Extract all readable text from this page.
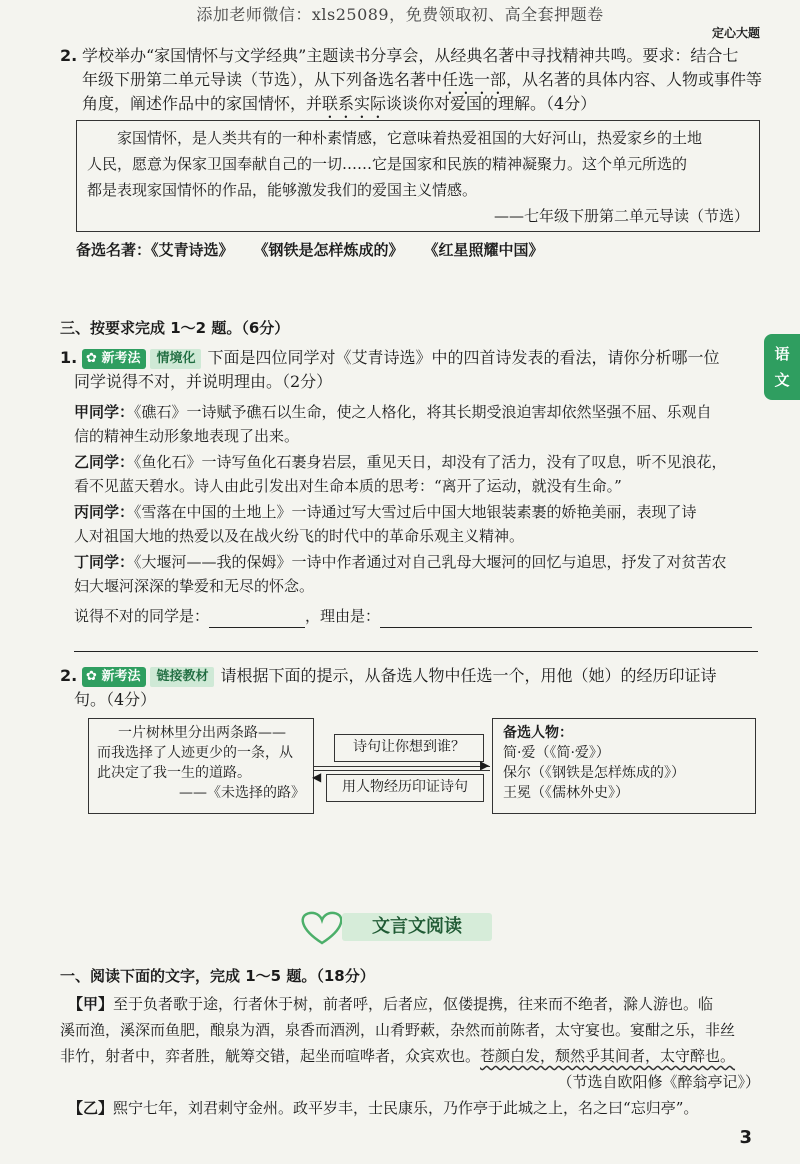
添加老师微信：xls25089，免费领取初、高全套押题卷
定心大题
2. 学校举办“家国情怀与文学经典”主题读书分享会，从经典名著中寻找精神共鸣。要求：结合七
年级下册第二单元导读（节选），从下列备选名著中任选一部，从名著的具体内容、人物或事件等
角度，阐述作品中的家国情怀，并联系实际谈谈你对爱国的理解。（4分）
家国情怀，是人类共有的一种朴素情感，它意味着热爱祖国的大好河山，热爱家乡的土地
人民，愿意为保家卫国奉献自己的一切……它是国家和民族的精神凝聚力。这个单元所选的
都是表现家国情怀的作品，能够激发我们的爱国主义情感。
——七年级下册第二单元导读（节选）
备选名著：《艾青诗选》 《钢铁是怎样炼成的》 《红星照耀中国》
语
文
三、按要求完成 1～2 题。（6分）
1. ✿ 新考法 情境化 下面是四位同学对《艾青诗选》中的四首诗发表的看法，请你分析哪一位
同学说得不对，并说明理由。（2分）
甲同学：《礁石》一诗赋予礁石以生命，使之人格化，将其长期受浪迫害却依然坚强不屈、乐观自
信的精神生动形象地表现了出来。
乙同学：《鱼化石》一诗写鱼化石裹身岩层，重见天日，却没有了活力，没有了叹息，听不见浪花，
看不见蓝天碧水。诗人由此引发出对生命本质的思考：“离开了运动，就没有生命。”
丙同学：《雪落在中国的土地上》一诗通过写大雪过后中国大地银装素裹的娇艳美丽，表现了诗
人对祖国大地的热爱以及在战火纷飞的时代中的革命乐观主义精神。
丁同学：《大堰河——我的保姆》一诗中作者通过对自己乳母大堰河的回忆与追思，抒发了对贫苦农
妇大堰河深深的挚爱和无尽的怀念。
说得不对的同学是：	，理由是：
2. ✿ 新考法 链接教材 请根据下面的提示，从备选人物中任选一个，用他（她）的经历印证诗
句。（4分）
一片树林里分出两条路——
而我选择了人迹更少的一条，从
此决定了我一生的道路。
——《未选择的路》
诗句让你想到谁？
用人物经历印证诗句
▶
◀
备选人物：
简·爱（《简·爱》）
保尔（《钢铁是怎样炼成的》）
王冕（《儒林外史》）
文言文阅读
一、阅读下面的文字，完成 1～5 题。（18分）
【甲】至于负者歌于途，行者休于树，前者呼，后者应，伛偻提携，往来而不绝者，滁人游也。临
溪而渔，溪深而鱼肥，酿泉为酒，泉香而酒洌，山肴野蔌，杂然而前陈者，太守宴也。宴酣之乐，非丝
非竹，射者中，弈者胜，觥筹交错，起坐而喧哗者，众宾欢也。苍颜白发，颓然乎其间者，太守醉也。
（节选自欧阳修《醉翁亭记》）
【乙】熙宁七年，刘君刺守金州。政平岁丰，士民康乐，乃作亭于此城之上，名之曰“忘归亭”。
3
